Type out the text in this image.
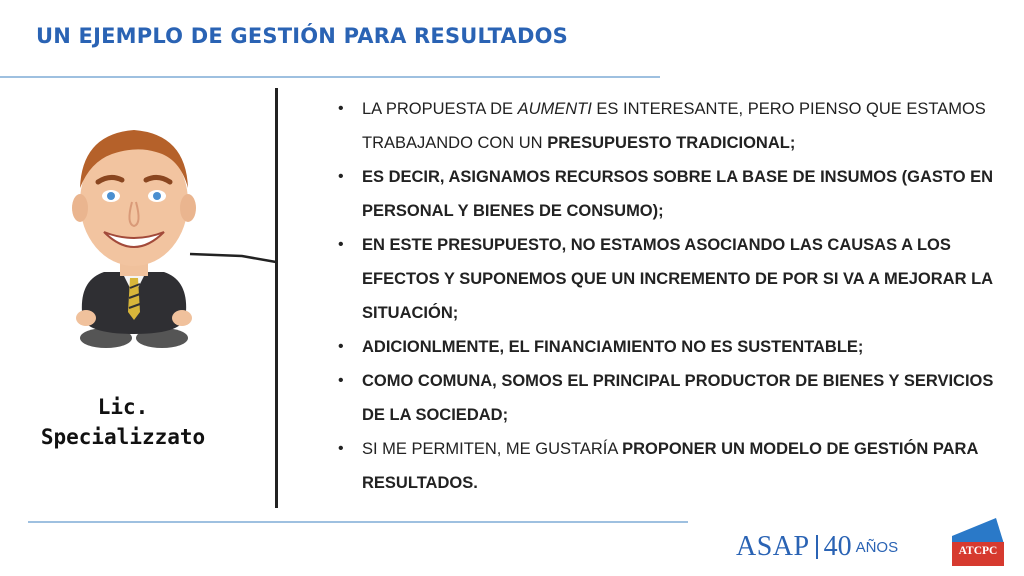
UN EJEMPLO DE GESTIÓN PARA RESULTADOS
Lic.
Specializzato
• LA PROPUESTA DE AUMENTI ES INTERESANTE, PERO PIENSO QUE ESTAMOS TRABAJANDO CON UN PRESUPUESTO TRADICIONAL;
• ES DECIR, ASIGNAMOS RECURSOS SOBRE LA BASE DE INSUMOS (GASTO EN PERSONAL Y BIENES DE CONSUMO);
• EN ESTE PRESUPUESTO, NO ESTAMOS ASOCIANDO LAS CAUSAS A LOS EFECTOS Y SUPONEMOS QUE UN INCREMENTO DE POR SI VA A MEJORAR LA SITUACIÓN;
• ADICIONLMENTE, EL FINANCIAMIENTO NO ES SUSTENTABLE;
• COMO COMUNA, SOMOS EL PRINCIPAL PRODUCTOR DE BIENES Y SERVICIOS DE LA SOCIEDAD;
• SI ME PERMITEN, ME GUSTARÍA PROPONER UN MODELO DE GESTIÓN PARA RESULTADOS.
ASAP 40 AÑOS	ATCPC
